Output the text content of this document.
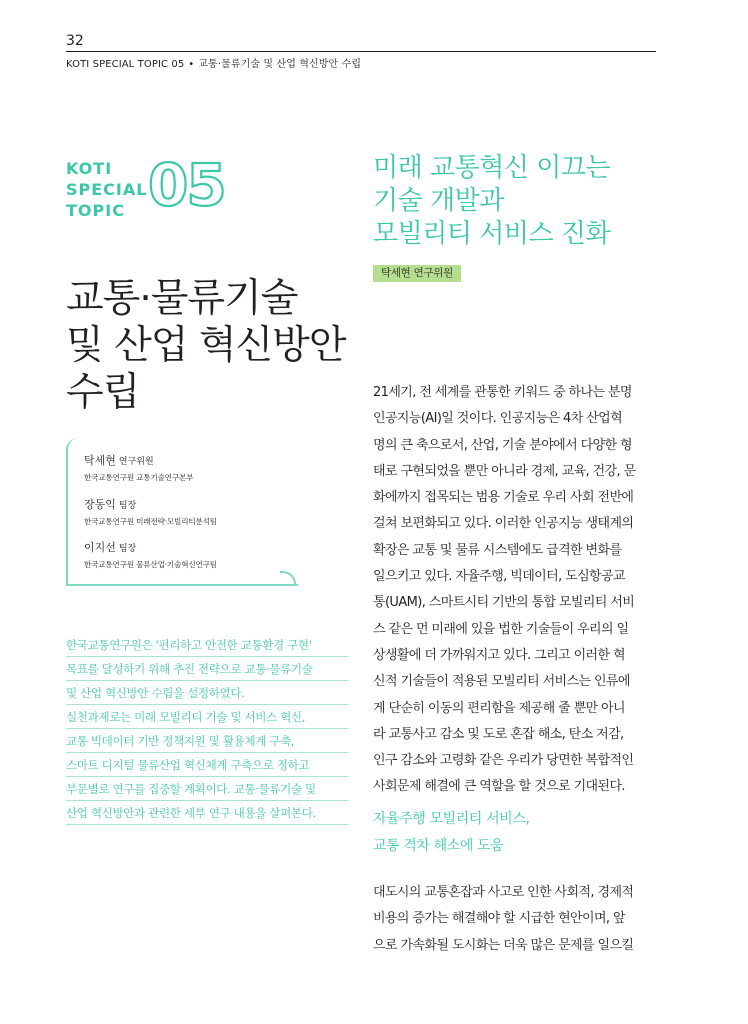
32
KOTI SPECIAL TOPIC 05 • 교통·물류기술 및 산업 혁신방안 수립
KOTI
SPECIAL
TOPIC 05
교통·물류기술
및 산업 혁신방안
수립
탁세현 연구위원
한국교통연구원 교통기술연구본부
장동익 팀장
한국교통연구원 미래전략·모빌리티분석팀
이지선 팀장
한국교통연구원 물류산업·기술혁신연구팀
한국교통연구원은 '편리하고 안전한 교통환경 구현'
목표를 달성하기 위해 추진 전략으로 교통·물류기술
및 산업 혁신방안 수립을 설정하였다.
실천과제로는 미래 모빌리티 기술 및 서비스 혁신,
교통 빅데이터 기반 정책지원 및 활용체계 구축,
스마트 디지털 물류산업 혁신체계 구축으로 정하고
부문별로 연구를 집중할 계획이다. 교통·물류기술 및
산업 혁신방안과 관련한 세부 연구 내용을 살펴본다.
미래 교통혁신 이끄는
기술 개발과
모빌리티 서비스 진화
탁세현 연구위원
21세기, 전 세계를 관통한 키워드 중 하나는 분명
인공지능(AI)일 것이다. 인공지능은 4차 산업혁
명의 큰 축으로서, 산업, 기술 분야에서 다양한 형
태로 구현되었을 뿐만 아니라 경제, 교육, 건강, 문
화에까지 접목되는 범용 기술로 우리 사회 전반에
걸쳐 보편화되고 있다. 이러한 인공지능 생태계의
확장은 교통 및 물류 시스템에도 급격한 변화를
일으키고 있다. 자율주행, 빅데이터, 도심항공교
통(UAM), 스마트시티 기반의 통합 모빌리티 서비
스 같은 먼 미래에 있을 법한 기술들이 우리의 일
상생활에 더 가까워지고 있다. 그리고 이러한 혁
신적 기술들이 적용된 모빌리티 서비스는 인류에
게 단순히 이동의 편리함을 제공해 줄 뿐만 아니
라 교통사고 감소 및 도로 혼잡 해소, 탄소 저감,
인구 감소와 고령화 같은 우리가 당면한 복합적인
사회문제 해결에 큰 역할을 할 것으로 기대된다.
자율주행 모빌리티 서비스,
교통 격차 해소에 도움
대도시의 교통혼잡과 사고로 인한 사회적, 경제적
비용의 증가는 해결해야 할 시급한 현안이며, 앞
으로 가속화될 도시화는 더욱 많은 문제를 일으킬
